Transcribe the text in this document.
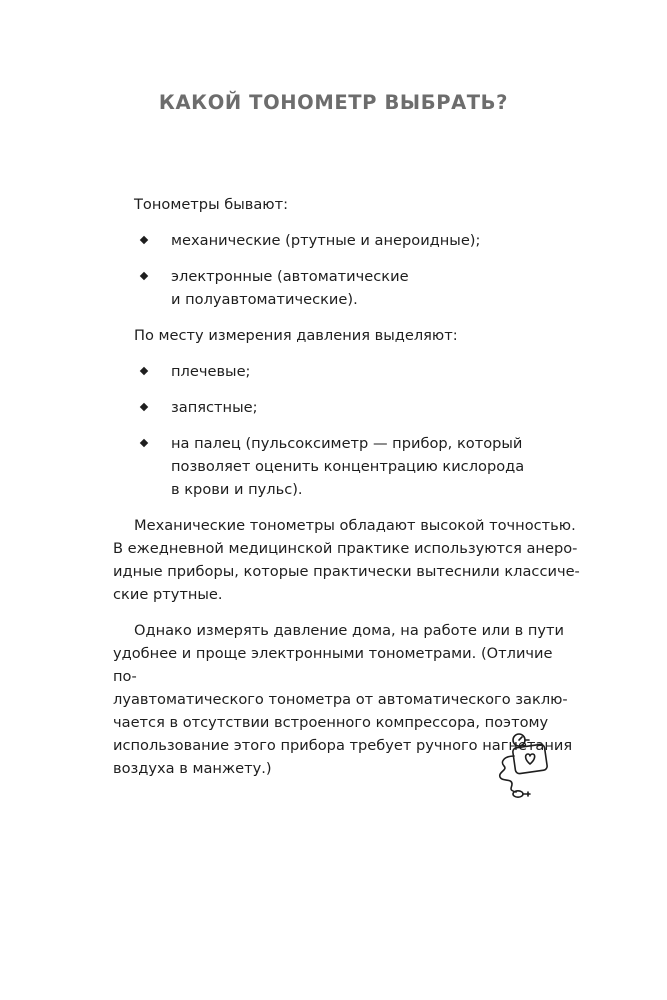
КАКОЙ ТОНОМЕТР ВЫБРАТЬ?

Тонометры бывают:

механические (ртутные и анероидные);
электронные (автоматические
и полуавтоматические).

По месту измерения давления выделяют:

плечевые;
запястные;
на палец (пульсоксиметр — прибор, который
позволяет оценить концентрацию кислорода
в крови и пульс).
Механические тонометры обладают высокой точностью.
В ежедневной медицинской практике используются анеро-
идные приборы, которые практически вытеснили классиче-
ские ртутные.
Однако измерять давление дома, на работе или в пути
удобнее и проще электронными тонометрами. (Отличие по-
луавтоматического тонометра от автоматического заклю-
чается в отсутствии встроенного компрессора, поэтому
использование этого прибора требует ручного нагнетания
воздуха в манжету.)
